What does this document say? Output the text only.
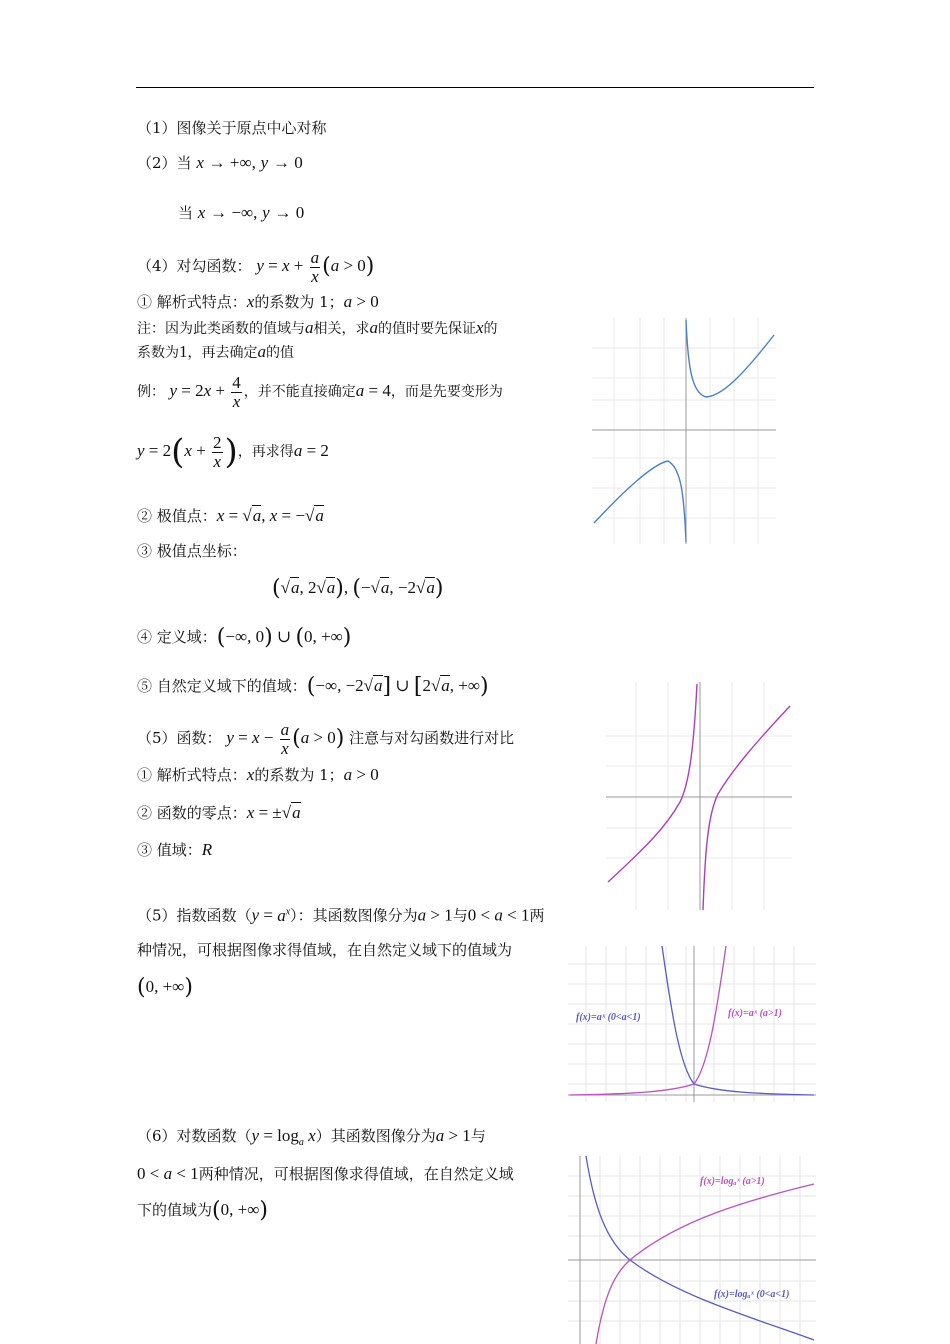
（1）图像关于原点中心对称
（2）当 x → +∞, y → 0
当 x → −∞, y → 0
（4）对勾函数： $y = x + \frac{a}{x} (a > 0)$
① 解析式特点：x的系数为 1；a > 0
注：因为此类函数的值域与a相关，求a的值时要先保证x的
系数为1，再去确定a的值
例： $y = 2x + \frac{4}{x}$ ，并不能直接确定a = 4，而是先要变形为
$y = 2(x + \frac{2}{x}$ )，再求得a = 2
② 极值点：x = √a, x = −√a
③ 极值点坐标：
(√a, 2√a), (−√a, −2√a)
④ 定义域：(−∞, 0) ∪ (0, +∞)
⑤ 自然定义域下的值域：(−∞, −2√a] ∪ [2√a, +∞)
（5）函数： $y = x - \frac{a}{x} (a > 0)$ 注意与对勾函数进行对比
① 解析式特点：x的系数为 1；a > 0
② 函数的零点：x = ±√a
③ 值域：R
（5）指数函数$(y = a^x)$：其函数图像分为a > 1与0 < a < 1两
种情况，可根据图像求得值域，在自然定义域下的值域为
(0, +∞)
（6）对数函数$(y = \log_a x)$其函数图像分为a > 1与
0 < a < 1两种情况，可根据图像求得值域，在自然定义域
下的值域为(0, +∞)
f(x)=aˣ (0<a<1)	f(x)=aˣ (a>1)
f(x)=logₐˣ (a>1)
f(x)=logₐˣ (0<a<1)
